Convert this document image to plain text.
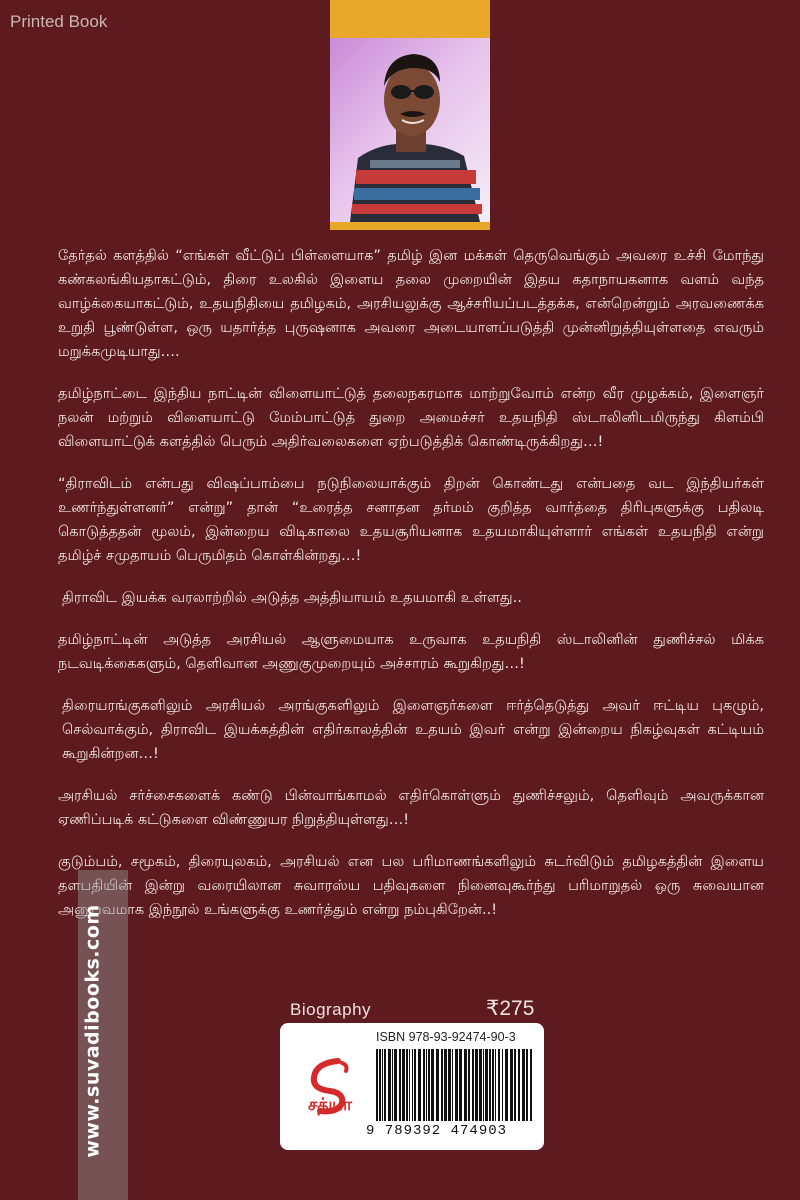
Printed Book

தேர்தல் களத்தில் “எங்கள் வீட்டுப் பிள்ளையாக” தமிழ் இன மக்கள் தெருவெங்கும் அவரை உச்சி மோந்து கண்கலங்கியதாகட்டும், திரை உலகில் இளைய தலை முறையின் இதய கதாநாயகனாக வளம் வந்த வாழ்க்கையாகட்டும், உதயநிதியை தமிழகம், அரசியலுக்கு ஆச்சரியப்படத்தக்க, என்றென்றும் அரவணைக்க உறுதி பூண்டுள்ள, ஒரு யதார்த்த புருஷனாக அவரை அடையாளப்படுத்தி முன்னிறுத்தியுள்ளதை எவரும் மறுக்கமுடியாது….

தமிழ்நாட்டை இந்திய நாட்டின் விளையாட்டுத் தலைநகரமாக மாற்றுவோம் என்ற வீர முழக்கம், இளைஞர் நலன் மற்றும் விளையாட்டு மேம்பாட்டுத் துறை அமைச்சர் உதயநிதி ஸ்டாலினிடமிருந்து கிளம்பி விளையாட்டுக் களத்தில் பெரும் அதிர்வலைகளை ஏற்படுத்திக் கொண்டிருக்கிறது…!

“திராவிடம் என்பது விஷப்பாம்பை நடுநிலையாக்கும் திறன் கொண்டது என்பதை வட இந்தியர்கள் உணர்ந்துள்ளனர்” என்று” தான் “உரைத்த சனாதன தர்மம் குறித்த வார்த்தை திரிபுகளுக்கு பதிலடி கொடுத்ததன் மூலம், இன்றைய விடிகாலை உதயசூரியனாக உதயமாகியுள்ளார் எங்கள் உதயநிதி என்று தமிழ்ச் சமுதாயம் பெருமிதம் கொள்கின்றது…!

திராவிட இயக்க வரலாற்றில் அடுத்த அத்தியாயம் உதயமாகி உள்ளது..

தமிழ்நாட்டின் அடுத்த அரசியல் ஆளுமையாக உருவாக உதயநிதி ஸ்டாலினின் துணிச்சல் மிக்க நடவடிக்கைகளும், தெளிவான அணுகுமுறையும் அச்சாரம் கூறுகிறது…!

திரையரங்குகளிலும் அரசியல் அரங்குகளிலும் இளைஞர்களை ஈர்த்தெடுத்து அவர் ஈட்டிய புகழும், செல்வாக்கும், திராவிட இயக்கத்தின் எதிர்காலத்தின் உதயம் இவர் என்று இன்றைய நிகழ்வுகள் கட்டியம் கூறுகின்றன…!

அரசியல் சர்ச்சைகளைக் கண்டு பின்வாங்காமல் எதிர்கொள்ளும் துணிச்சலும், தெளிவும் அவருக்கான ஏணிப்படிக் கட்டுகளை விண்ணுயர நிறுத்தியுள்ளது…!

குடும்பம், சமூகம், திரையுலகம், அரசியல் என பல பரிமாணங்களிலும் சுடர்விடும் தமிழகத்தின் இளைய தளபதியின் இன்று வரையிலான சுவாரஸ்ய பதிவுகளை நினைவுகூர்ந்து பரிமாறுதல் ஒரு சுவையான அனுபவமாக இந்நூல் உங்களுக்கு உணர்த்தும் என்று நம்புகிறேன்..!

Biography	₹275
சத்யா
ISBN 978-93-92474-90-3
9 789392 474903
www.suvadibooks.com
